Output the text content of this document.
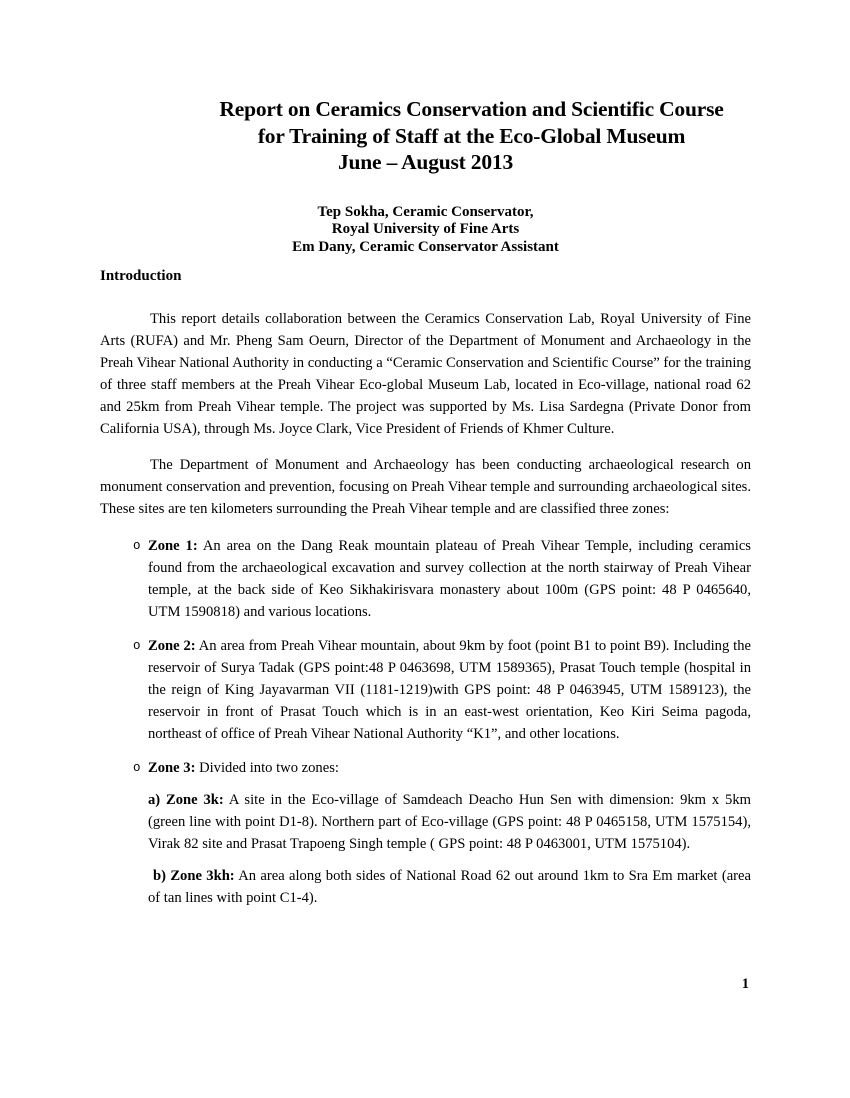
Report on Ceramics Conservation and Scientific Course
for Training of Staff at the Eco-Global Museum
June – August 2013
Tep Sokha, Ceramic Conservator,
Royal University of Fine Arts
Em Dany, Ceramic Conservator Assistant
Introduction

This report details collaboration between the Ceramics Conservation Lab, Royal University of Fine Arts (RUFA) and Mr. Pheng Sam Oeurn, Director of the Department of Monument and Archaeology in the Preah Vihear National Authority in conducting a “Ceramic Conservation and Scientific Course” for the training of three staff members at the Preah Vihear Eco-global Museum Lab, located in Eco-village, national road 62 and 25km from Preah Vihear temple. The project was supported by Ms. Lisa Sardegna (Private Donor from California USA), through Ms. Joyce Clark, Vice President of Friends of Khmer Culture.

The Department of Monument and Archaeology has been conducting archaeological research on monument conservation and prevention, focusing on Preah Vihear temple and surrounding archaeological sites. These sites are ten kilometers surrounding the Preah Vihear temple and are classified three zones:

o Zone 1: An area on the Dang Reak mountain plateau of Preah Vihear Temple, including ceramics found from the archaeological excavation and survey collection at the north stairway of Preah Vihear temple, at the back side of Keo Sikhakirisvara monastery about 100m (GPS point: 48 P 0465640, UTM 1590818) and various locations.
o Zone 2: An area from Preah Vihear mountain, about 9km by foot (point B1 to point B9). Including the reservoir of Surya Tadak (GPS point:48 P 0463698, UTM 1589365), Prasat Touch temple (hospital in the reign of King Jayavarman VII (1181-1219)with GPS point: 48 P 0463945, UTM 1589123), the reservoir in front of Prasat Touch which is in an east-west orientation, Keo Kiri Seima pagoda, northeast of office of Preah Vihear National Authority “K1”, and other locations.
o Zone 3: Divided into two zones:
a) Zone 3k: A site in the Eco-village of Samdeach Deacho Hun Sen with dimension: 9km x 5km (green line with point D1-8). Northern part of Eco-village (GPS point: 48 P 0465158, UTM 1575154), Virak 82 site and Prasat Trapoeng Singh temple ( GPS point: 48 P 0463001, UTM 1575104).
b) Zone 3kh: An area along both sides of National Road 62 out around 1km to Sra Em market (area of tan lines with point C1-4).
1
